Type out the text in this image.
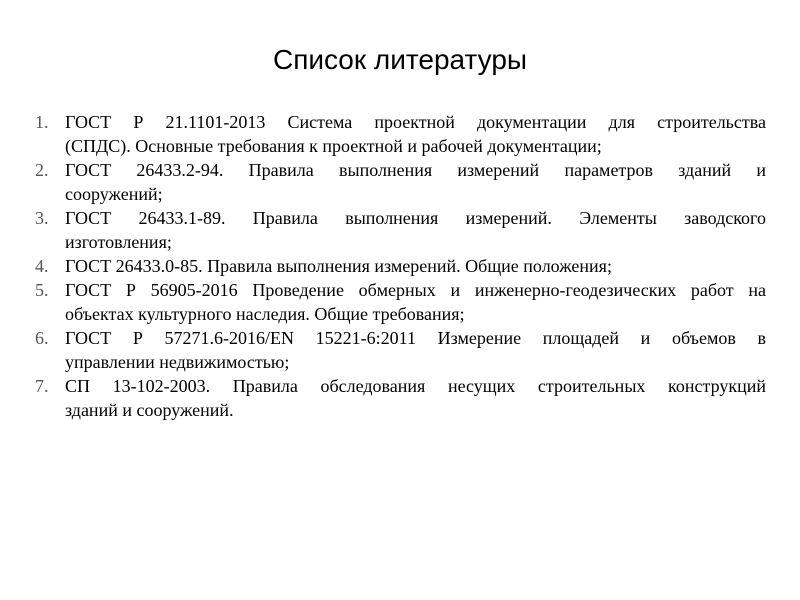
Список литературы
1. ГОСТ Р 21.1101-2013 Система проектной документации для строительства
(СПДС). Основные требования к проектной и рабочей документации;
2. ГОСТ 26433.2-94. Правила выполнения измерений параметров зданий и
сооружений;
3. ГОСТ 26433.1-89. Правила выполнения измерений. Элементы заводского
изготовления;
4. ГОСТ 26433.0-85. Правила выполнения измерений. Общие положения;
5. ГОСТ Р 56905-2016 Проведение обмерных и инженерно-геодезических работ на
объектах культурного наследия. Общие требования;
6. ГОСТ Р 57271.6-2016/EN 15221-6:2011 Измерение площадей и объемов в
управлении недвижимостью;
7. СП 13-102-2003. Правила обследования несущих строительных конструкций
зданий и сооружений.
